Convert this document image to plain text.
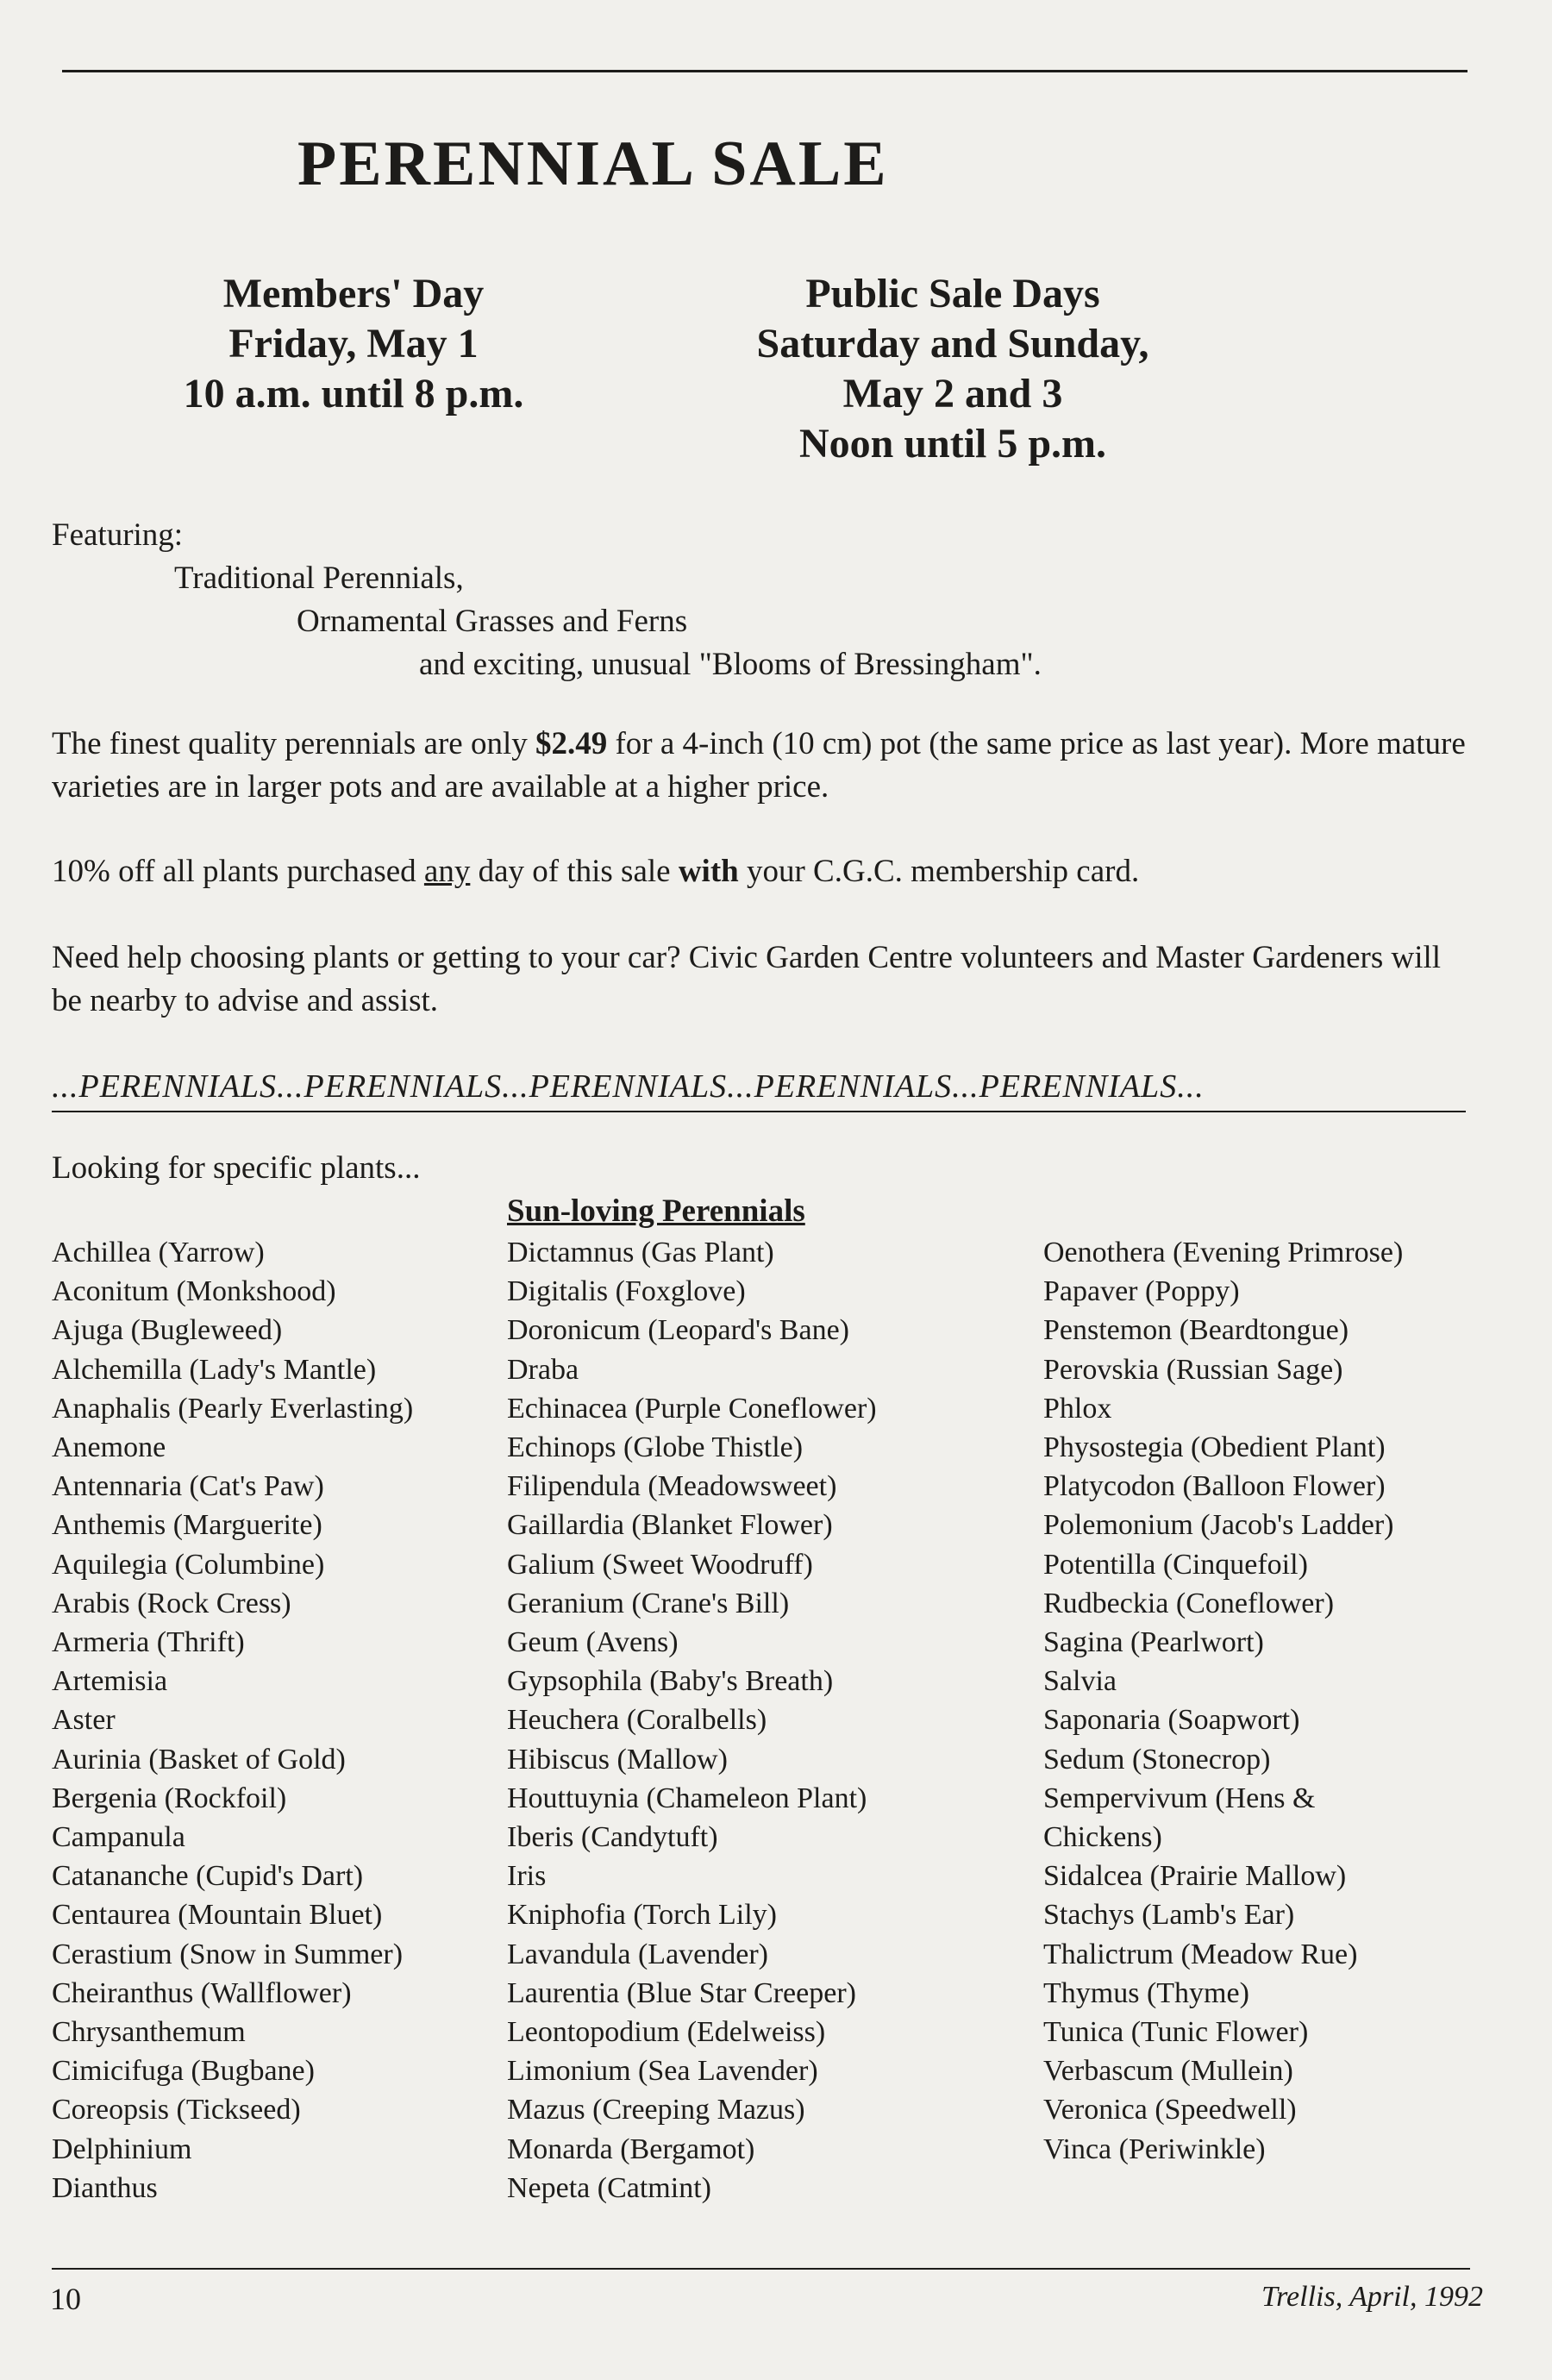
PERENNIAL SALE
Members' Day
Friday, May 1
10 a.m. until 8 p.m.
Public Sale Days
Saturday and Sunday,
May 2 and 3
Noon until 5 p.m.
Featuring:
Traditional Perennials,
Ornamental Grasses and Ferns
and exciting, unusual "Blooms of Bressingham".
The finest quality perennials are only $2.49 for a 4-inch (10 cm) pot (the same price as last year). More mature varieties are in larger pots and are available at a higher price.
10% off all plants purchased any day of this sale with your C.G.C. membership card.
Need help choosing plants or getting to your car? Civic Garden Centre volunteers and Master Gardeners will be nearby to advise and assist.
...PERENNIALS...PERENNIALS...PERENNIALS...PERENNIALS...PERENNIALS...
Looking for specific plants...
Sun-loving Perennials
Achillea (Yarrow)
Aconitum (Monkshood)
Ajuga (Bugleweed)
Alchemilla (Lady's Mantle)
Anaphalis (Pearly Everlasting)
Anemone
Antennaria (Cat's Paw)
Anthemis (Marguerite)
Aquilegia (Columbine)
Arabis (Rock Cress)
Armeria (Thrift)
Artemisia
Aster
Aurinia (Basket of Gold)
Bergenia (Rockfoil)
Campanula
Catananche (Cupid's Dart)
Centaurea (Mountain Bluet)
Cerastium (Snow in Summer)
Cheiranthus (Wallflower)
Chrysanthemum
Cimicifuga (Bugbane)
Coreopsis (Tickseed)
Delphinium
Dianthus
Dictamnus (Gas Plant)
Digitalis (Foxglove)
Doronicum (Leopard's Bane)
Draba
Echinacea (Purple Coneflower)
Echinops (Globe Thistle)
Filipendula (Meadowsweet)
Gaillardia (Blanket Flower)
Galium (Sweet Woodruff)
Geranium (Crane's Bill)
Geum (Avens)
Gypsophila (Baby's Breath)
Heuchera (Coralbells)
Hibiscus (Mallow)
Houttuynia (Chameleon Plant)
Iberis (Candytuft)
Iris
Kniphofia (Torch Lily)
Lavandula (Lavender)
Laurentia (Blue Star Creeper)
Leontopodium (Edelweiss)
Limonium (Sea Lavender)
Mazus (Creeping Mazus)
Monarda (Bergamot)
Nepeta (Catmint)
Oenothera (Evening Primrose)
Papaver (Poppy)
Penstemon (Beardtongue)
Perovskia (Russian Sage)
Phlox
Physostegia (Obedient Plant)
Platycodon (Balloon Flower)
Polemonium (Jacob's Ladder)
Potentilla (Cinquefoil)
Rudbeckia (Coneflower)
Sagina (Pearlwort)
Salvia
Saponaria (Soapwort)
Sedum (Stonecrop)
Sempervivum (Hens &
Chickens)
Sidalcea (Prairie Mallow)
Stachys (Lamb's Ear)
Thalictrum (Meadow Rue)
Thymus (Thyme)
Tunica (Tunic Flower)
Verbascum (Mullein)
Veronica (Speedwell)
Vinca (Periwinkle)
10	Trellis, April, 1992
